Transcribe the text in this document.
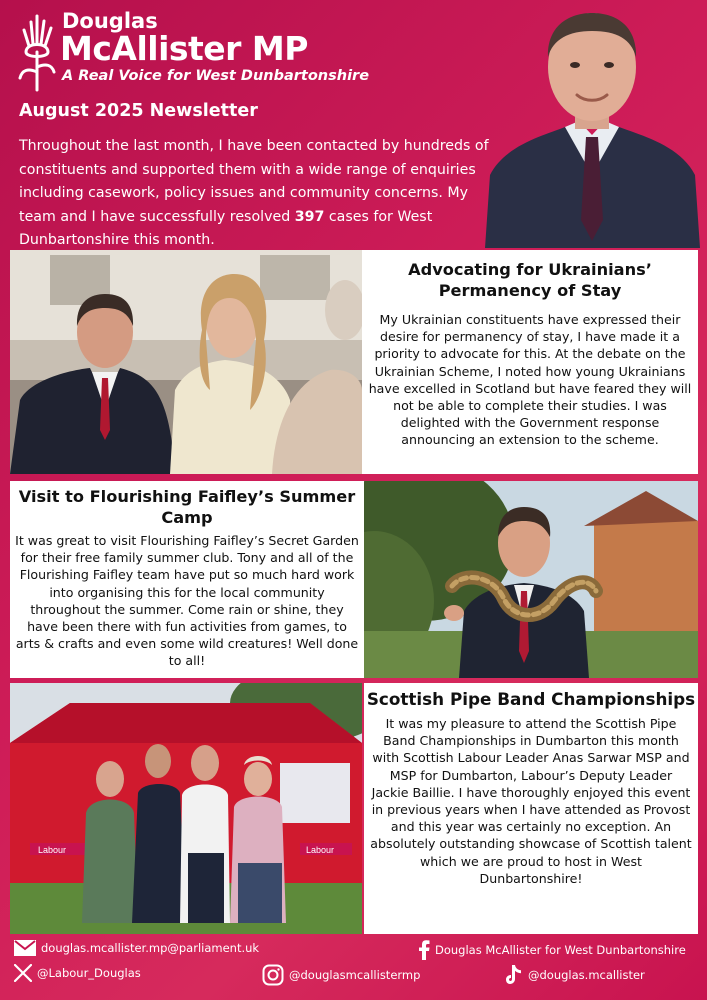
Douglas
McAllister MP
A Real Voice for West Dunbartonshire
August 2025 Newsletter
Throughout the last month, I have been contacted by hundreds of constituents and supported them with a wide range of enquiries including casework, policy issues and community concerns. My team and I have successfully resolved 397 cases for West Dunbartonshire this month.
Advocating for Ukrainians’ Permanency of Stay

My Ukrainian constituents have expressed their desire for permanency of stay, I have made it a priority to advocate for this. At the debate on the Ukrainian Scheme, I noted how young Ukrainians have excelled in Scotland but have feared they will not be able to complete their studies. I was delighted with the Government response announcing an extension to the scheme.

Visit to Flourishing Faifley’s Summer Camp

It was great to visit Flourishing Faifley’s Secret Garden for their free family summer club. Tony and all of the Flourishing Faifley team have put so much hard work into organising this for the local community throughout the summer. Come rain or shine, they have been there with fun activities from games, to arts & crafts and even some wild creatures! Well done to all!

Labour	Labour
Scottish Pipe Band Championships

It was my pleasure to attend the Scottish Pipe Band Championships in Dumbarton this month with Scottish Labour Leader Anas Sarwar MSP and MSP for Dumbarton, Labour’s Deputy Leader Jackie Baillie. I have thoroughly enjoyed this event in previous years when I have attended as Provost and this year was certainly no exception. An absolutely outstanding showcase of Scottish talent which we are proud to host in West Dunbartonshire!

douglas.mcallister.mp@parliament.uk	Douglas McAllister for West Dunbartonshire
@Labour_Douglas	@douglasmcallistermp	@douglas.mcallister
